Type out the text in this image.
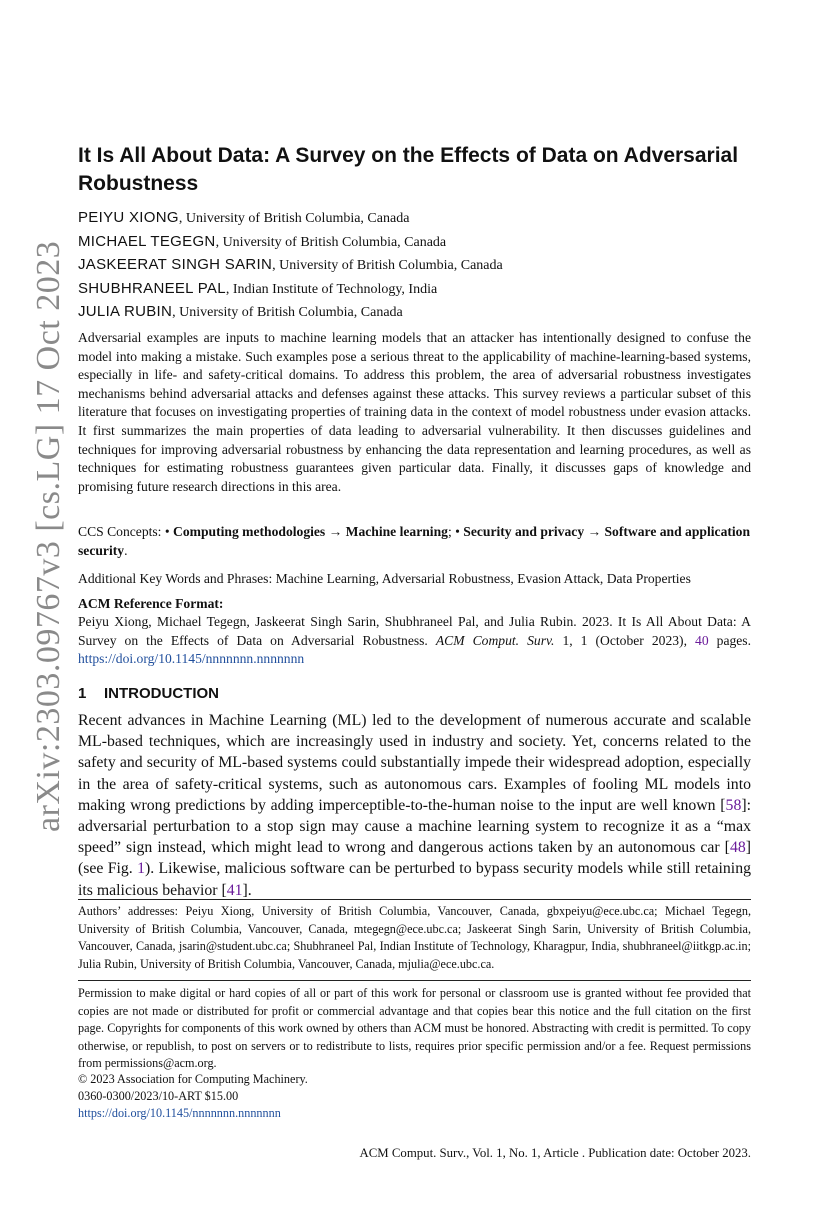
arXiv:2303.09767v3 [cs.LG] 17 Oct 2023
It Is All About Data: A Survey on the Effects of Data on Adversarial Robustness
PEIYU XIONG, University of British Columbia, Canada
MICHAEL TEGEGN, University of British Columbia, Canada
JASKEERAT SINGH SARIN, University of British Columbia, Canada
SHUBHRANEEL PAL, Indian Institute of Technology, India
JULIA RUBIN, University of British Columbia, Canada

Adversarial examples are inputs to machine learning models that an attacker has intentionally designed to confuse the model into making a mistake. Such examples pose a serious threat to the applicability of machine-learning-based systems, especially in life- and safety-critical domains. To address this problem, the area of adversarial robustness investigates mechanisms behind adversarial attacks and defenses against these attacks. This survey reviews a particular subset of this literature that focuses on investigating properties of training data in the context of model robustness under evasion attacks. It first summarizes the main properties of data leading to adversarial vulnerability. It then discusses guidelines and techniques for improving adversarial robustness by enhancing the data representation and learning procedures, as well as techniques for estimating robustness guarantees given particular data. Finally, it discusses gaps of knowledge and promising future research directions in this area.

CCS Concepts: • Computing methodologies → Machine learning; • Security and privacy → Software and application security.

Additional Key Words and Phrases: Machine Learning, Adversarial Robustness, Evasion Attack, Data Properties

ACM Reference Format:

Peiyu Xiong, Michael Tegegn, Jaskeerat Singh Sarin, Shubhraneel Pal, and Julia Rubin. 2023. It Is All About Data: A Survey on the Effects of Data on Adversarial Robustness. ACM Comput. Surv. 1, 1 (October 2023), 40 pages. https://doi.org/10.1145/nnnnnnn.nnnnnnn

1 INTRODUCTION

Recent advances in Machine Learning (ML) led to the development of numerous accurate and scalable ML-based techniques, which are increasingly used in industry and society. Yet, concerns related to the safety and security of ML-based systems could substantially impede their widespread adoption, especially in the area of safety-critical systems, such as autonomous cars. Examples of fooling ML models into making wrong predictions by adding imperceptible-to-the-human noise to the input are well known [58]: adversarial perturbation to a stop sign may cause a machine learning system to recognize it as a “max speed” sign instead, which might lead to wrong and dangerous actions taken by an autonomous car [48] (see Fig. 1). Likewise, malicious software can be perturbed to bypass security models while still retaining its malicious behavior [41].

Authors’ addresses: Peiyu Xiong, University of British Columbia, Vancouver, Canada, gbxpeiyu@ece.ubc.ca; Michael Tegegn, University of British Columbia, Vancouver, Canada, mtegegn@ece.ubc.ca; Jaskeerat Singh Sarin, University of British Columbia, Vancouver, Canada, jsarin@student.ubc.ca; Shubhraneel Pal, Indian Institute of Technology, Kharagpur, India, shubhraneel@iitkgp.ac.in; Julia Rubin, University of British Columbia, Vancouver, Canada, mjulia@ece.ubc.ca.

Permission to make digital or hard copies of all or part of this work for personal or classroom use is granted without fee provided that copies are not made or distributed for profit or commercial advantage and that copies bear this notice and the full citation on the first page. Copyrights for components of this work owned by others than ACM must be honored. Abstracting with credit is permitted. To copy otherwise, or republish, to post on servers or to redistribute to lists, requires prior specific permission and/or a fee. Request permissions from permissions@acm.org.

© 2023 Association for Computing Machinery.

0360-0300/2023/10-ART $15.00

https://doi.org/10.1145/nnnnnnn.nnnnnnn

ACM Comput. Surv., Vol. 1, No. 1, Article . Publication date: October 2023.
